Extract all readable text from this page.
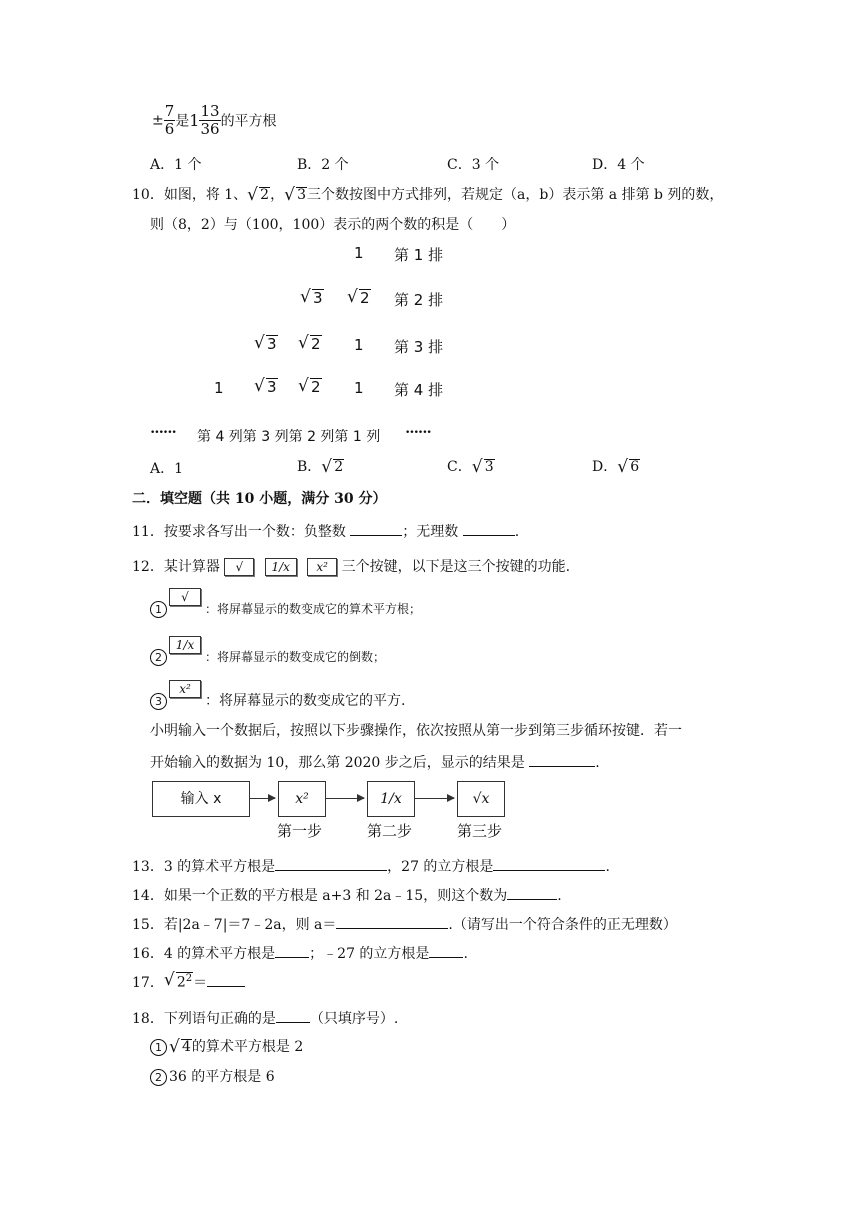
± $\frac{7}{6}$ 是$1 \frac{13}{36}$ 的平方根
A．1 个	B．2 个	C．3 个	D．4 个
10．如图，将 1、 √ 2， √ 3三个数按图中方式排列，若规定（a，b）表示第 a 排第 b 列的数，
则（8，2）与（100，100）表示的两个数的积是（　　）
1 第 1 排
√ 3	√ 2 第 2 排
√ 3	√ 2 1 第 3 排
1	√ 3	√ 2 1 第 4 排
•••••• 第 4 列第 3 列第 2 列第 1 列	••••••
A．1	B． √ 2	C． √ 3	D． √ 6
二．填空题（共 10 小题，满分 30 分）
11．按要求各写出一个数：负整数	；无理数	.
12．某计算器 √ 1/x x² 三个按键，以下是这三个按键的功能.
1√：将屏幕显示的数变成它的算术平方根；
21/x：将屏幕显示的数变成它的倒数；
3x²：将屏幕显示的数变成它的平方.
小明输入一个数据后，按照以下步骤操作，依次按照从第一步到第三步循环按键．若一
开始输入的数据为 10，那么第 2020 步之后，显示的结果是	.
输入 x	x²	1/x	√x
第一步	第二步	第三步
13．3 的算术平方根是	，27 的立方根是	.
14．如果一个正数的平方根是 a+3 和 2a﹣15，则这个数为	.
15．若|2a﹣7|＝7﹣2a，则 a＝	.（请写出一个符合条件的正无理数）
16．4 的算术平方根是 ；﹣27 的立方根是 .
17． √ $2^2=$
18．下列语句正确的是 （只填序号）.
1 √ 4的算术平方根是 2
2 36 的平方根是 6
